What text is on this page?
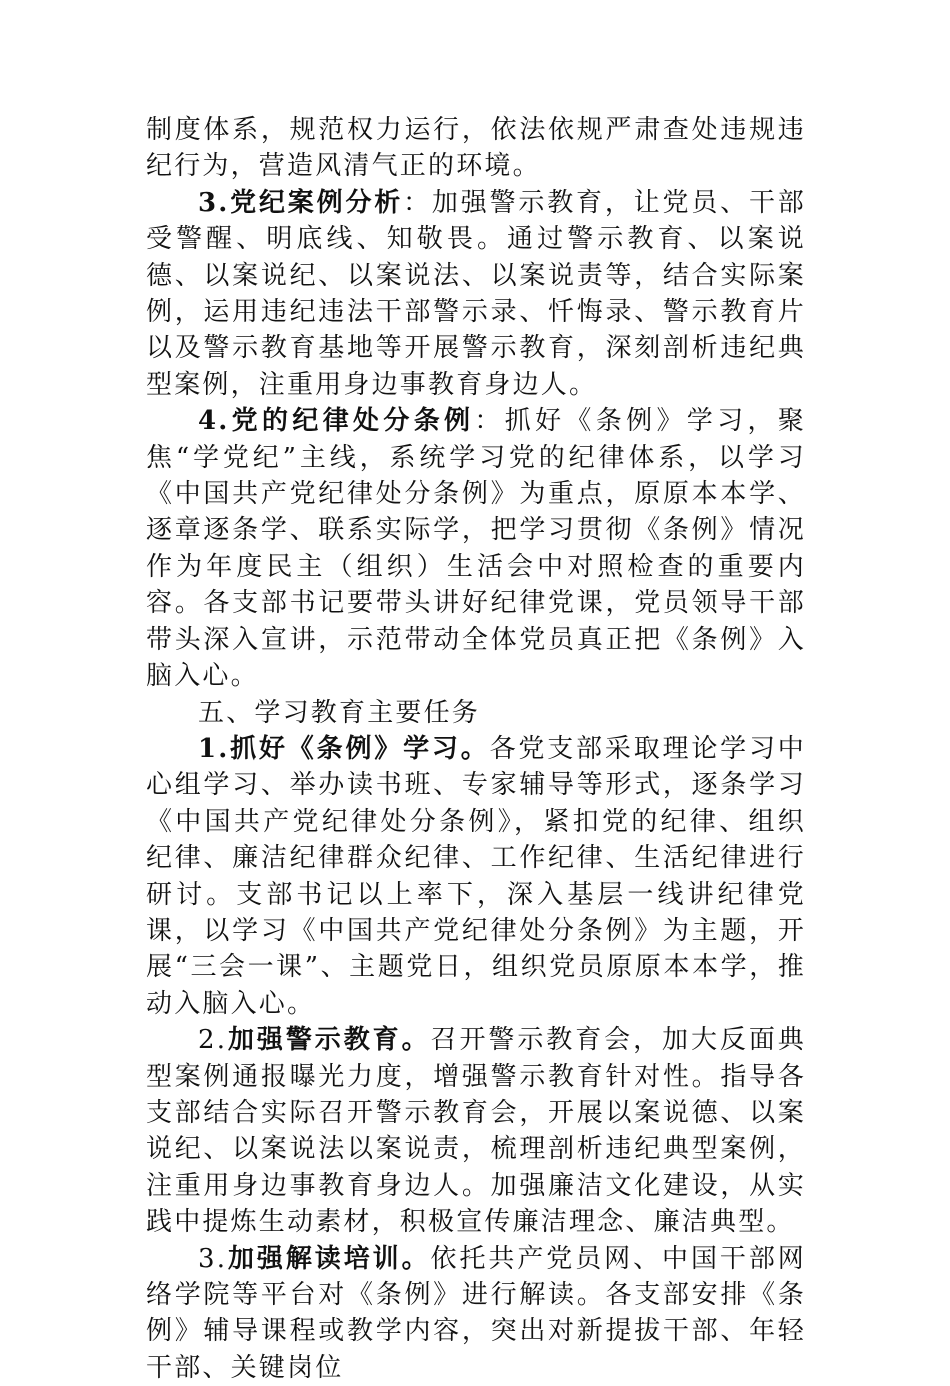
制度体系，规范权力运行，依法依规严肃查处违规违纪行为，营造风清气正的环境。

3.党纪案例分析：加强警示教育，让党员、干部受警醒、明底线、知敬畏。通过警示教育、以案说德、以案说纪、以案说法、以案说责等，结合实际案例，运用违纪违法干部警示录、忏悔录、警示教育片以及警示教育基地等开展警示教育，深刻剖析违纪典型案例，注重用身边事教育身边人。

4.党的纪律处分条例：抓好《条例》学习，聚焦“学党纪”主线，系统学习党的纪律体系，以学习《中国共产党纪律处分条例》为重点，原原本本学、逐章逐条学、联系实际学，把学习贯彻《条例》情况作为年度民主（组织）生活会中对照检查的重要内容。各支部书记要带头讲好纪律党课，党员领导干部带头深入宣讲，示范带动全体党员真正把《条例》入脑入心。

五、学习教育主要任务

1.抓好《条例》学习。各党支部采取理论学习中心组学习、举办读书班、专家辅导等形式，逐条学习《中国共产党纪律处分条例》，紧扣党的纪律、组织纪律、廉洁纪律群众纪律、工作纪律、生活纪律进行研讨。支部书记以上率下，深入基层一线讲纪律党课，以学习《中国共产党纪律处分条例》为主题，开展“三会一课”、主题党日，组织党员原原本本学，推动入脑入心。

2.加强警示教育。召开警示教育会，加大反面典型案例通报曝光力度，增强警示教育针对性。指导各支部结合实际召开警示教育会，开展以案说德、以案说纪、以案说法以案说责，梳理剖析违纪典型案例，注重用身边事教育身边人。加强廉洁文化建设，从实践中提炼生动素材，积极宣传廉洁理念、廉洁典型。

3.加强解读培训。依托共产党员网、中国干部网络学院等平台对《条例》进行解读。各支部安排《条例》辅导课程或教学内容，突出对新提拔干部、年轻干部、关键岗位
